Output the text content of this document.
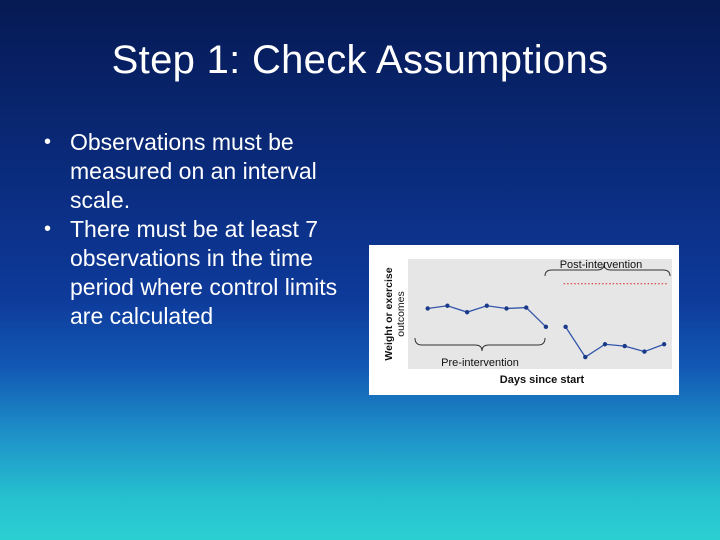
Step 1: Check Assumptions
• Observations must be measured on an interval scale.
• There must be at least 7 observations in the time period where control limits are calculated	Weight or exercise outcomes
Days since start
Post-intervention
Pre-intervention
